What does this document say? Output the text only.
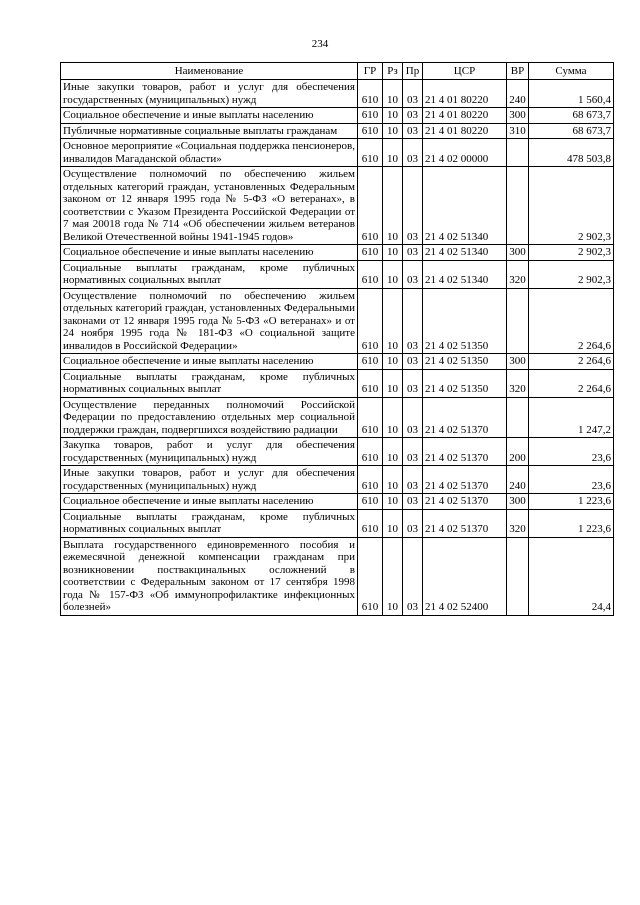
234
Наименование	ГР	Рз	Пр	ЦСР	ВР	Сумма
Иные закупки товаров, работ и услуг для обеспечения государственных (муниципальных) нужд	610	10	03	21 4 01 80220	240	1 560,4
Социальное обеспечение и иные выплаты населению	610	10	03	21 4 01 80220	300	68 673,7
Публичные нормативные социальные выплаты гражданам	610	10	03	21 4 01 80220	310	68 673,7
Основное мероприятие «Социальная поддержка пенсионеров, инвалидов Магаданской области»	610	10	03	21 4 02 00000		478 503,8
Осуществление полномочий по обеспечению жильем отдельных категорий граждан, установленных Федеральным законом от 12 января 1995 года № 5-ФЗ «О ветеранах», в соответствии с Указом Президента Российской Федерации от 7 мая 20018 года № 714 «Об обеспечении жильем ветеранов Великой Отечественной войны 1941-1945 годов»	610	10	03	21 4 02 51340		2 902,3
Социальное обеспечение и иные выплаты населению	610	10	03	21 4 02 51340	300	2 902,3
Социальные выплаты гражданам, кроме публичных нормативных социальных выплат	610	10	03	21 4 02 51340	320	2 902,3
Осуществление полномочий по обеспечению жильем отдельных категорий граждан, установленных Федеральными законами от 12 января 1995 года № 5-ФЗ «О ветеранах» и от 24 ноября 1995 года № 181-ФЗ «О социальной защите инвалидов в Российской Федерации»	610	10	03	21 4 02 51350		2 264,6
Социальное обеспечение и иные выплаты населению	610	10	03	21 4 02 51350	300	2 264,6
Социальные выплаты гражданам, кроме публичных нормативных социальных выплат	610	10	03	21 4 02 51350	320	2 264,6
Осуществление переданных полномочий Российской Федерации по предоставлению отдельных мер социальной поддержки граждан, подвергшихся воздействию радиации	610	10	03	21 4 02 51370		1 247,2
Закупка товаров, работ и услуг для обеспечения государственных (муниципальных) нужд	610	10	03	21 4 02 51370	200	23,6
Иные закупки товаров, работ и услуг для обеспечения государственных (муниципальных) нужд	610	10	03	21 4 02 51370	240	23,6
Социальное обеспечение и иные выплаты населению	610	10	03	21 4 02 51370	300	1 223,6
Социальные выплаты гражданам, кроме публичных нормативных социальных выплат	610	10	03	21 4 02 51370	320	1 223,6
Выплата государственного единовременного пособия и ежемесячной денежной компенсации гражданам при возникновении поствакцинальных осложнений в соответствии с Федеральным законом от 17 сентября 1998 года № 157-ФЗ «Об иммунопрофилактике инфекционных болезней»	610	10	03	21 4 02 52400		24,4
